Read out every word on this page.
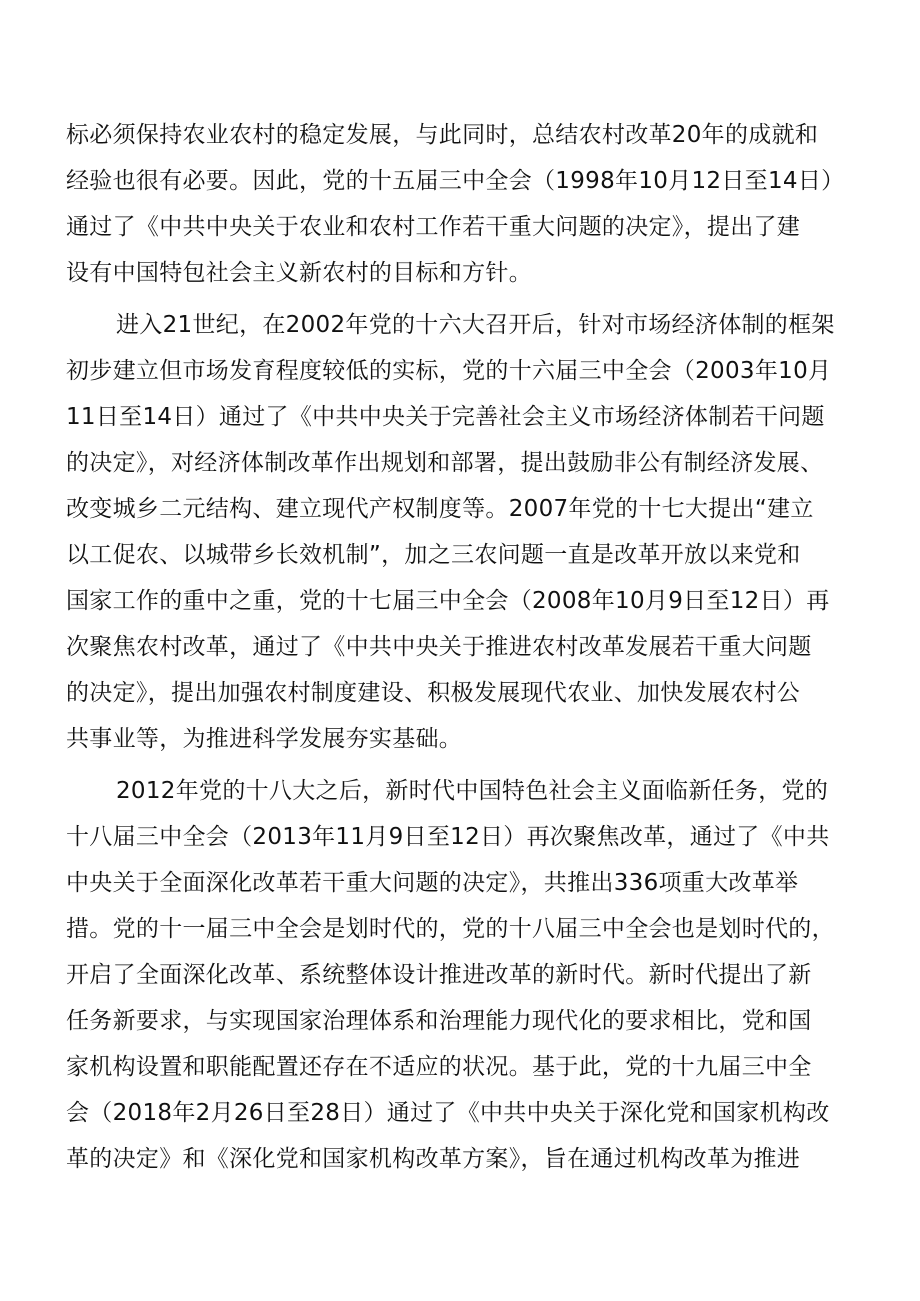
标必须保持农业农村的稳定发展，与此同时，总结农村改革20年的成就和
经验也很有必要。因此，党的十五届三中全会（1998年10月12日至14日）
通过了《中共中央关于农业和农村工作若干重大问题的决定》，提出了建
设有中国特包社会主义新农村的目标和方针。
进入21世纪，在2002年党的十六大召开后，针对市场经济体制的框架
初步建立但市场发育程度较低的实标，党的十六届三中全会（2003年10月
11日至14日）通过了《中共中央关于完善社会主义市场经济体制若干问题
的决定》，对经济体制改革作出规划和部署，提出鼓励非公有制经济发展、
改变城乡二元结构、建立现代产权制度等。2007年党的十七大提出“建立
以工促农、以城带乡长效机制”，加之三农问题一直是改革开放以来党和
国家工作的重中之重，党的十七届三中全会（2008年10月9日至12日）再
次聚焦农村改革，通过了《中共中央关于推进农村改革发展若干重大问题
的决定》，提出加强农村制度建设、积极发展现代农业、加快发展农村公
共事业等，为推进科学发展夯实基础。
2012年党的十八大之后，新时代中国特色社会主义面临新任务，党的
十八届三中全会（2013年11月9日至12日）再次聚焦改革，通过了《中共
中央关于全面深化改革若干重大问题的决定》，共推出336项重大改革举
措。党的十一届三中全会是划时代的，党的十八届三中全会也是划时代的，
开启了全面深化改革、系统整体设计推进改革的新时代。新时代提出了新
任务新要求，与实现国家治理体系和治理能力现代化的要求相比，党和国
家机构设置和职能配置还存在不适应的状况。基于此，党的十九届三中全
会（2018年2月26日至28日）通过了《中共中央关于深化党和国家机构改
革的决定》和《深化党和国家机构改革方案》，旨在通过机构改革为推进
